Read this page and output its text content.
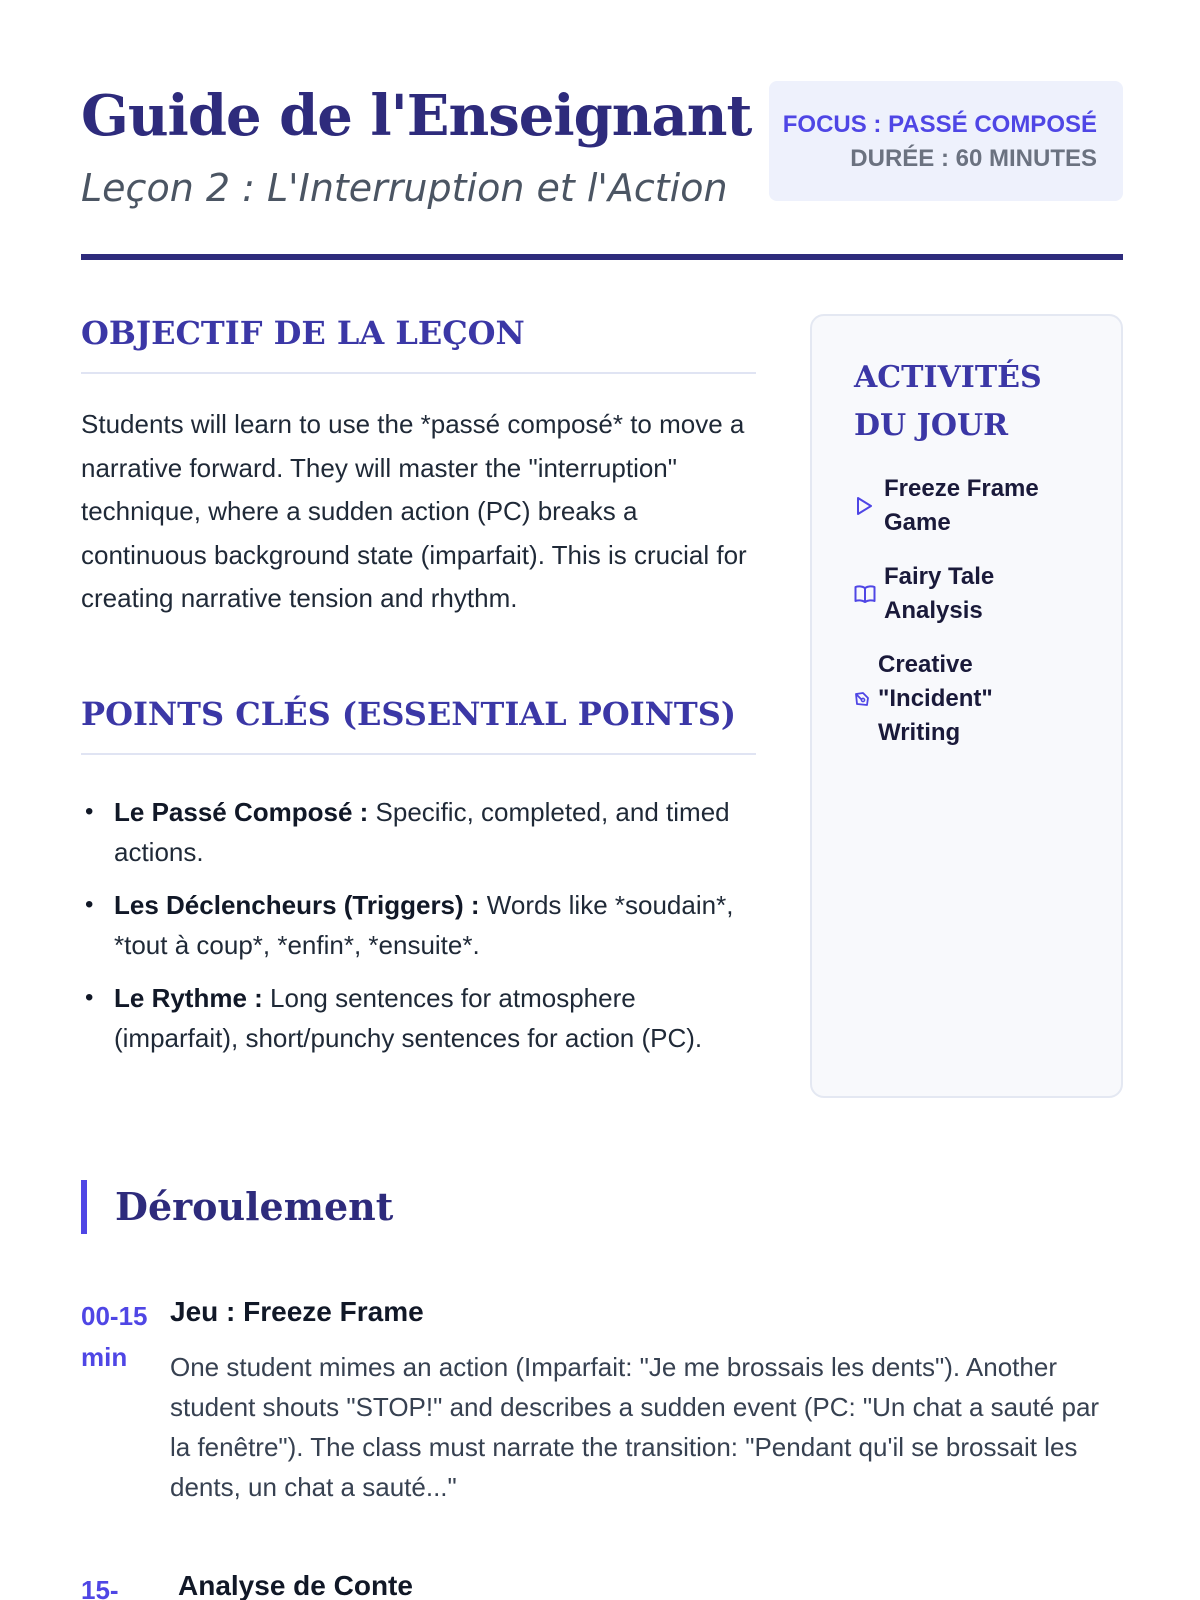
Guide de l'Enseignant
Leçon 2 : L'Interruption et l'Action
FOCUS : PASSÉ COMPOSÉ
DURÉE : 60 MINUTES
OBJECTIF DE LA LEÇON

Students will learn to use the *passé composé* to move a narrative forward. They will master the "interruption" technique, where a sudden action (PC) breaks a continuous background state (imparfait). This is crucial for creating narrative tension and rhythm.

POINTS CLÉS (ESSENTIAL POINTS)
• Le Passé Composé : Specific, completed, and timed actions.
• Les Déclencheurs (Triggers) : Words like *soudain*, *tout à coup*, *enfin*, *ensuite*.
• Le Rythme : Long sentences for atmosphere (imparfait), short/punchy sentences for action (PC).
ACTIVITÉS DU JOUR
Freeze Frame Game
Fairy Tale Analysis
Creative "Incident" Writing
Déroulement
00-15 min
Jeu : Freeze Frame

One student mimes an action (Imparfait: "Je me brossais les dents"). Another student shouts "STOP!" and describes a sudden event (PC: "Un chat a sauté par la fenêtre"). The class must narrate the transition: "Pendant qu'il se brossait les dents, un chat a sauté..."

15-	Analyse de Conte
